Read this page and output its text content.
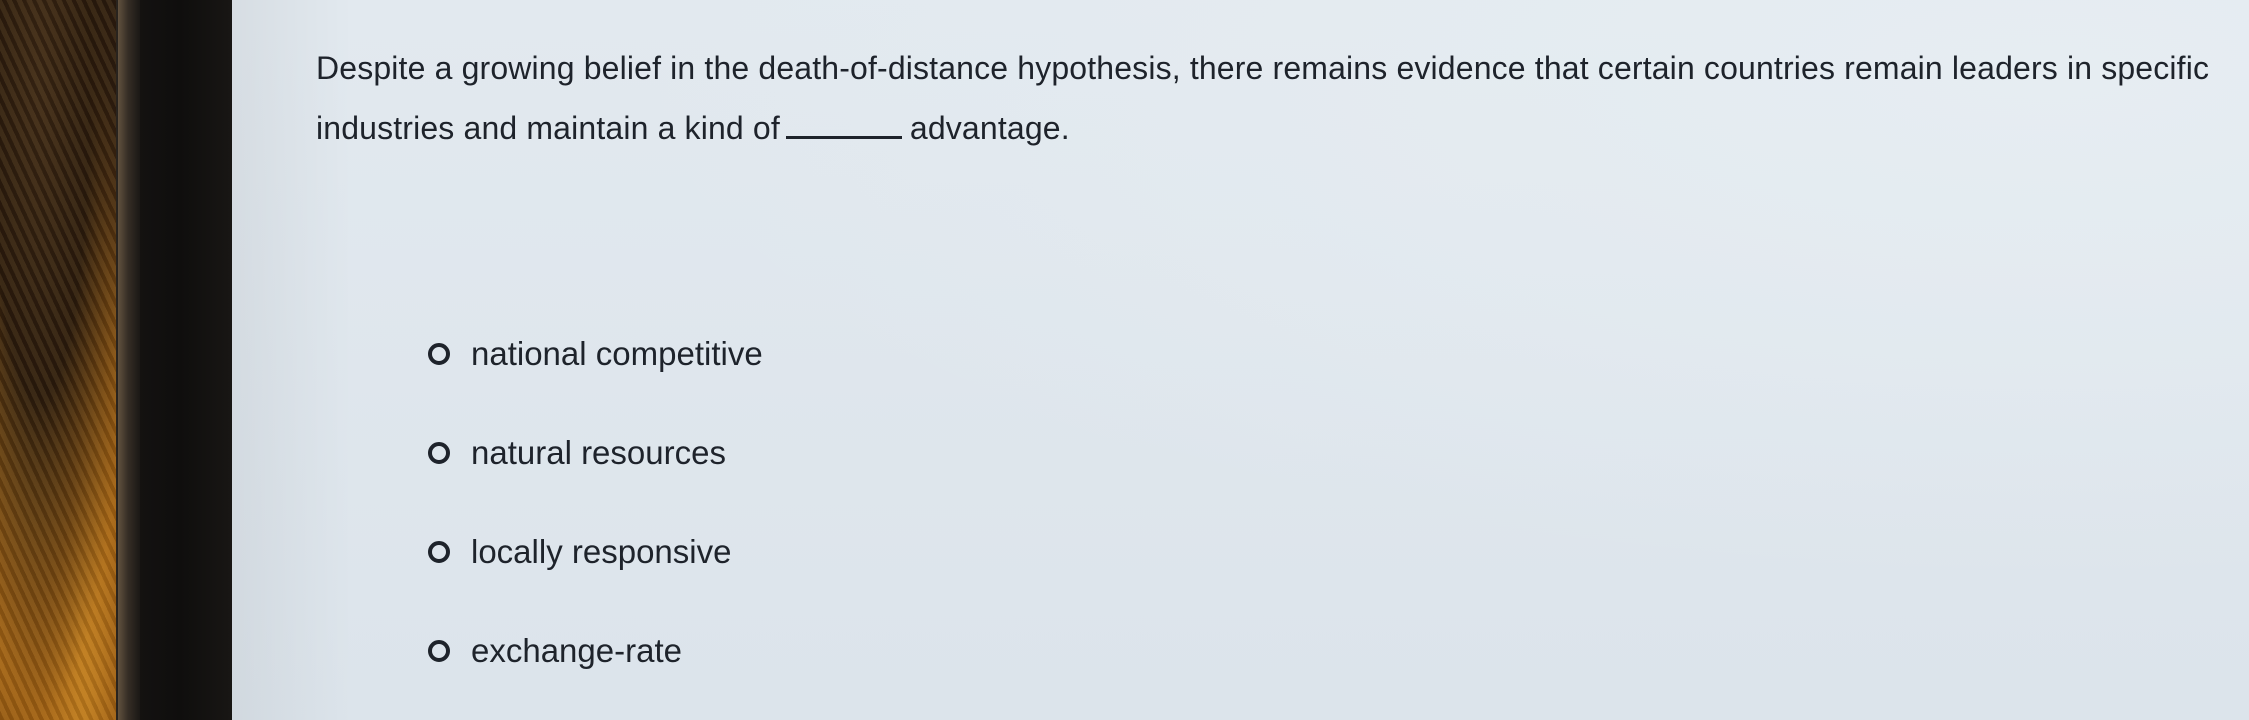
Despite a growing belief in the death-of-distance hypothesis, there remains evidence that certain countries remain leaders in specific industries and maintain a kind of	advantage.

national competitive
natural resources
locally responsive
exchange-rate
